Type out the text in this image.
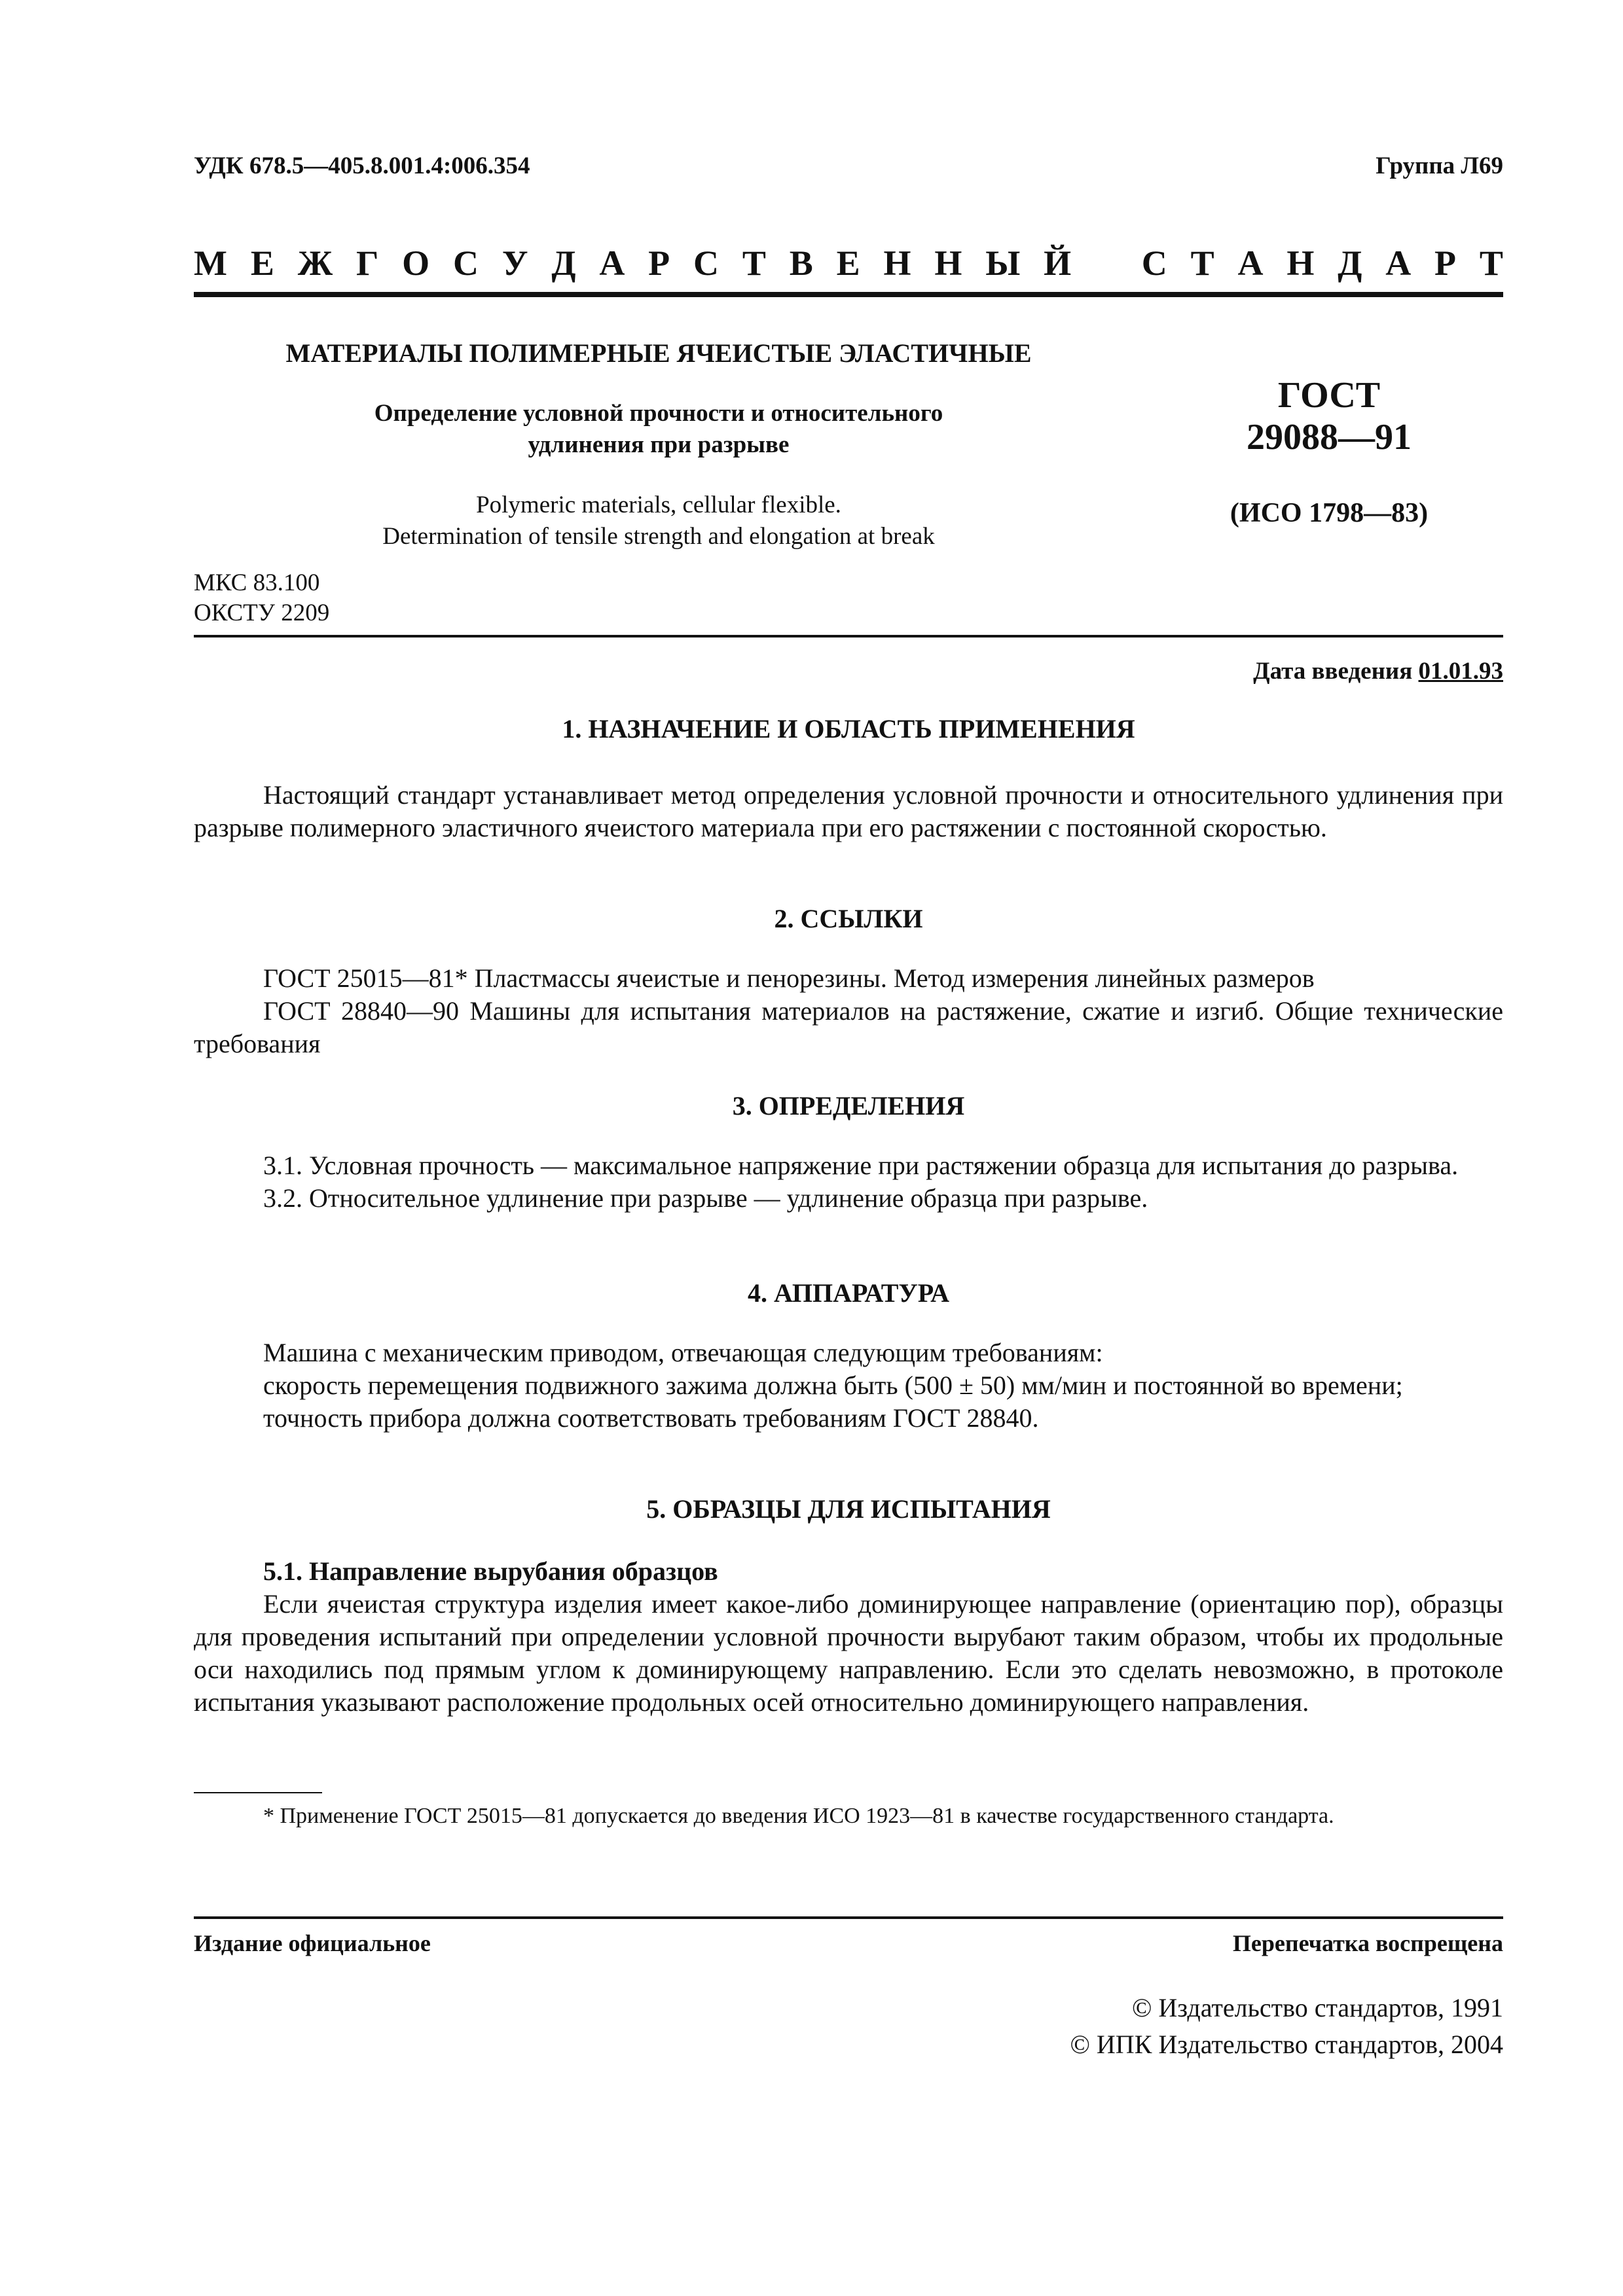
УДК 678.5—405.8.001.4:006.354	Группа Л69
М Е Ж Г О С У Д А Р С Т В Е Н Н Ы Й С Т А Н Д А Р Т
МАТЕРИАЛЫ ПОЛИМЕРНЫЕ ЯЧЕИСТЫЕ ЭЛАСТИЧНЫЕ
Определение условной прочности и относительного
удлинения при разрыве
Polymeric materials, cellular flexible.
Determination of tensile strength and elongation at break
ГОСТ
29088—91
(ИСО 1798—83)
МКС 83.100
ОКСТУ 2209
Дата введения 01.01.93
1. НАЗНАЧЕНИЕ И ОБЛАСТЬ ПРИМЕНЕНИЯ

Настоящий стандарт устанавливает метод определения условной прочности и относительного удлинения при разрыве полимерного эластичного ячеистого материала при его растяжении с постоянной скоростью.

2. ССЫЛКИ

ГОСТ 25015—81* Пластмассы ячеистые и пенорезины. Метод измерения линейных размеров

ГОСТ 28840—90 Машины для испытания материалов на растяжение, сжатие и изгиб. Общие технические требования

3. ОПРЕДЕЛЕНИЯ

3.1. Условная прочность — максимальное напряжение при растяжении образца для испытания до разрыва.

3.2. Относительное удлинение при разрыве — удлинение образца при разрыве.

4. АППАРАТУРА

Машина с механическим приводом, отвечающая следующим требованиям:

скорость перемещения подвижного зажима должна быть (500 ± 50) мм/мин и постоянной во времени;

точность прибора должна соответствовать требованиям ГОСТ 28840.

5. ОБРАЗЦЫ ДЛЯ ИСПЫТАНИЯ

5.1. Направление вырубания образцов

Если ячеистая структура изделия имеет какое-либо доминирующее направление (ориентацию пор), образцы для проведения испытаний при определении условной прочности вырубают таким образом, чтобы их продольные оси находились под прямым углом к доминирующему направлению. Если это сделать невозможно, в протоколе испытания указывают расположение продольных осей относительно доминирующего направления.

* Применение ГОСТ 25015—81 допускается до введения ИСО 1923—81 в качестве государственного стандарта.

Издание официальное	Перепечатка воспрещена
© Издательство стандартов, 1991
© ИПК Издательство стандартов, 2004
